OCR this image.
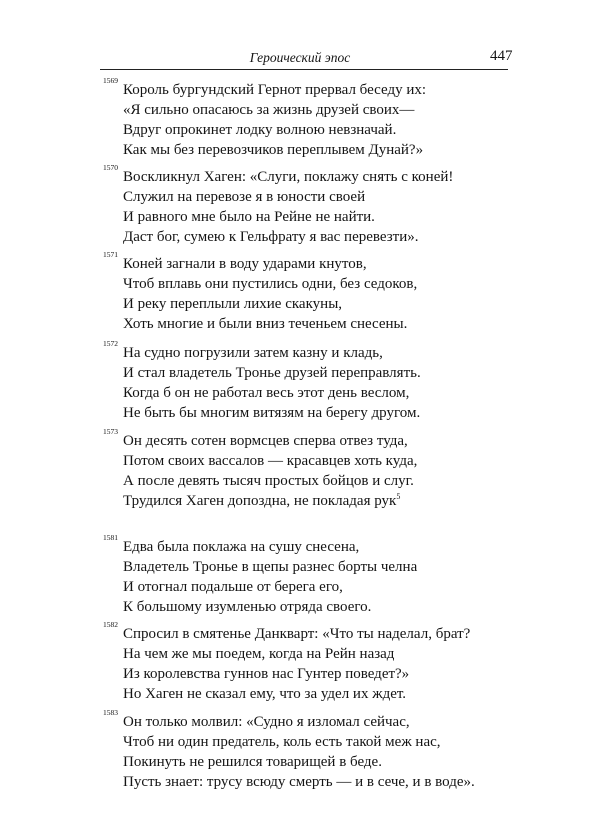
Героический эпос	447
1569
Король бургундский Гернот прервал беседу их:
«Я сильно опасаюсь за жизнь друзей своих—
Вдруг опрокинет лодку волною невзначай.
Как мы без перевозчиков переплывем Дунай?»
1570
Воскликнул Хаген: «Слуги, поклажу снять с коней!
Служил на перевозе я в юности своей
И равного мне было на Рейне не найти.
Даст бог, сумею к Гельфрату я вас перевезти».
1571
Коней загнали в воду ударами кнутов,
Чтоб вплавь они пустились одни, без седоков,
И реку переплыли лихие скакуны,
Хоть многие и были вниз теченьем снесены.
1572
На судно погрузили затем казну и кладь,
И стал владетель Тронье друзей переправлять.
Когда б он не работал весь этот день веслом,
Не быть бы многим витязям на берегу другом.
1573
Он десять сотен вормсцев сперва отвез туда,
Потом своих вассалов — красавцев хоть куда,
А после девять тысяч простых бойцов и слуг.
Трудился Хаген допоздна, не покладая рук$^5$
1581
Едва была поклажа на сушу снесена,
Владетель Тронье в щепы разнес борты челна
И отогнал подальше от берега его,
К большому изумленью отряда своего.
1582
Спросил в смятенье Данкварт: «Что ты наделал, брат?
На чем же мы поедем, когда на Рейн назад
Из королевства гуннов нас Гунтер поведет?»
Но Хаген не сказал ему, что за удел их ждет.
1583
Он только молвил: «Судно я изломал сейчас,
Чтоб ни один предатель, коль есть такой меж нас,
Покинуть не решился товарищей в беде.
Пусть знает: трусу всюду смерть — и в сече, и в воде».
